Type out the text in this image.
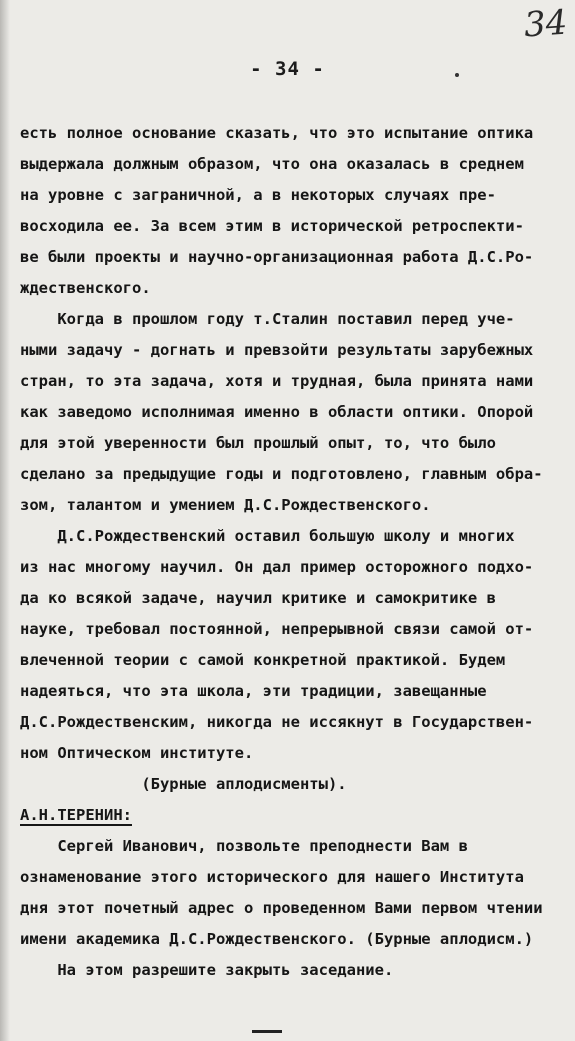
34
- 34 -
есть полное основание сказать, что это испытание оптика
выдержала должным образом, что она оказалась в среднем
на уровне с заграничной, а в некоторых случаях пре-
восходила ее. За всем этим в исторической ретроспекти-
ве были проекты и научно-организационная работа Д.С.Ро-
ждественского.
Когда в прошлом году т.Сталин поставил перед уче-
ными задачу - догнать и превзойти результаты зарубежных
стран, то эта задача, хотя и трудная, была принята нами
как заведомо исполнимая именно в области оптики. Опорой
для этой уверенности был прошлый опыт, то, что было
сделано за предыдущие годы и подготовлено, главным обра-
зом, талантом и умением Д.С.Рождественского.
Д.С.Рождественский оставил большую школу и многих
из нас многому научил. Он дал пример осторожного подхо-
да ко всякой задаче, научил критике и самокритике в
науке, требовал постоянной, непрерывной связи самой от-
влеченной теории с самой конкретной практикой. Будем
надеяться, что эта школа, эти традиции, завещанные
Д.С.Рождественским, никогда не иссякнут в Государствен-
ном Оптическом институте.
(Бурные аплодисменты).
А.Н.ТЕРЕНИН:
Сергей Иванович, позвольте преподнести Вам в
ознаменование этого исторического для нашего Института
дня этот почетный адрес о проведенном Вами первом чтении
имени академика Д.С.Рождественского. (Бурные аплодисм.)
На этом разрешите закрыть заседание.
